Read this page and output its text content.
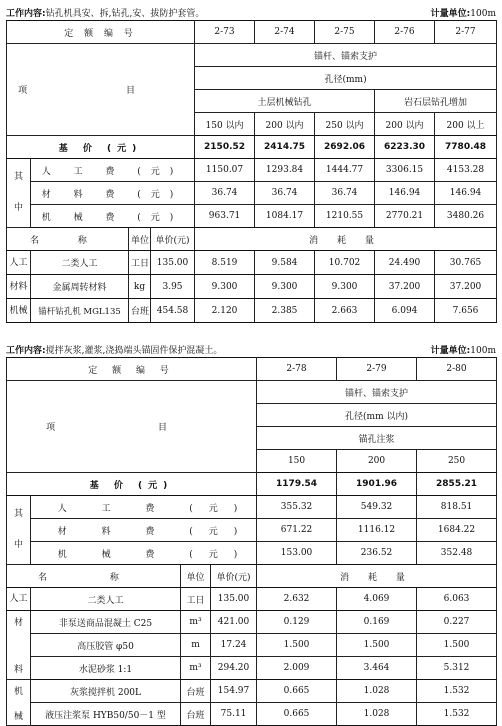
工作内容:钻孔机具安、拆,钻孔,安、拔防护套管。	计量单位:100m
定 额 编 号				2-73	2-74	2-75	2-76	2-77
项 目				锚杆、锚索支护				
				孔径(mm)				
				土层机械钻孔			岩石层钻孔增加	
				150 以内	200 以内	250 以内	200 以内	200 以上
基 价 (元)				2150.52	2414.75	2692.06	6223.30	7780.48

其
中	人 工 费 (元)			1150.07	1293.84	1444.77	3306.15	4153.28
	材 料 费 (元)			36.74	36.74	36.74	146.94	146.94
	机 械 费 (元)			963.71	1084.17	1210.55	2770.21	3480.26
名 称		单位	单价(元)	消 耗 量				
人工	二类人工	工日	135.00	8.519	9.584	10.702	24.490	30.765
材料	金属周转材料	kg	3.95	9.300	9.300	9.300	37.200	37.200
机械	锚杆钻孔机 MGL135	台班	454.58	2.120	2.385	2.663	6.094	7.656
工作内容:搅拌灰浆,灌浆,浇捣端头锚固件保护混凝土。	计量单位:100m
定 额 编 号				2-78	2-79	2-80
项 目				锚杆、锚索支护		
				孔径(mm 以内)		
				锚孔注浆		
				150	200	250
基 价 (元)				1179.54	1901.96	2855.21

其
中	人 工 费 (元)			355.32	549.32	818.51
	材 料 费 (元)			671.22	1116.12	1684.22
	机 械 费 (元)			153.00	236.52	352.48
名 称		单位	单价(元)	消 耗 量		
人工	二类人工	工日	135.00	2.632	4.069	6.063

材
料	非泵送商品混凝土 C25	m³	421.00	0.129	0.169	0.227
	高压胶管 φ50	m	17.24	1.500	1.500	1.500
	水泥砂浆 1:1	m³	294.20	2.009	3.464	5.312

机
械	灰浆搅拌机 200L	台班	154.97	0.665	1.028	1.532
	液压注浆泵 HYB50/50－1 型	台班	75.11	0.665	1.028	1.532
